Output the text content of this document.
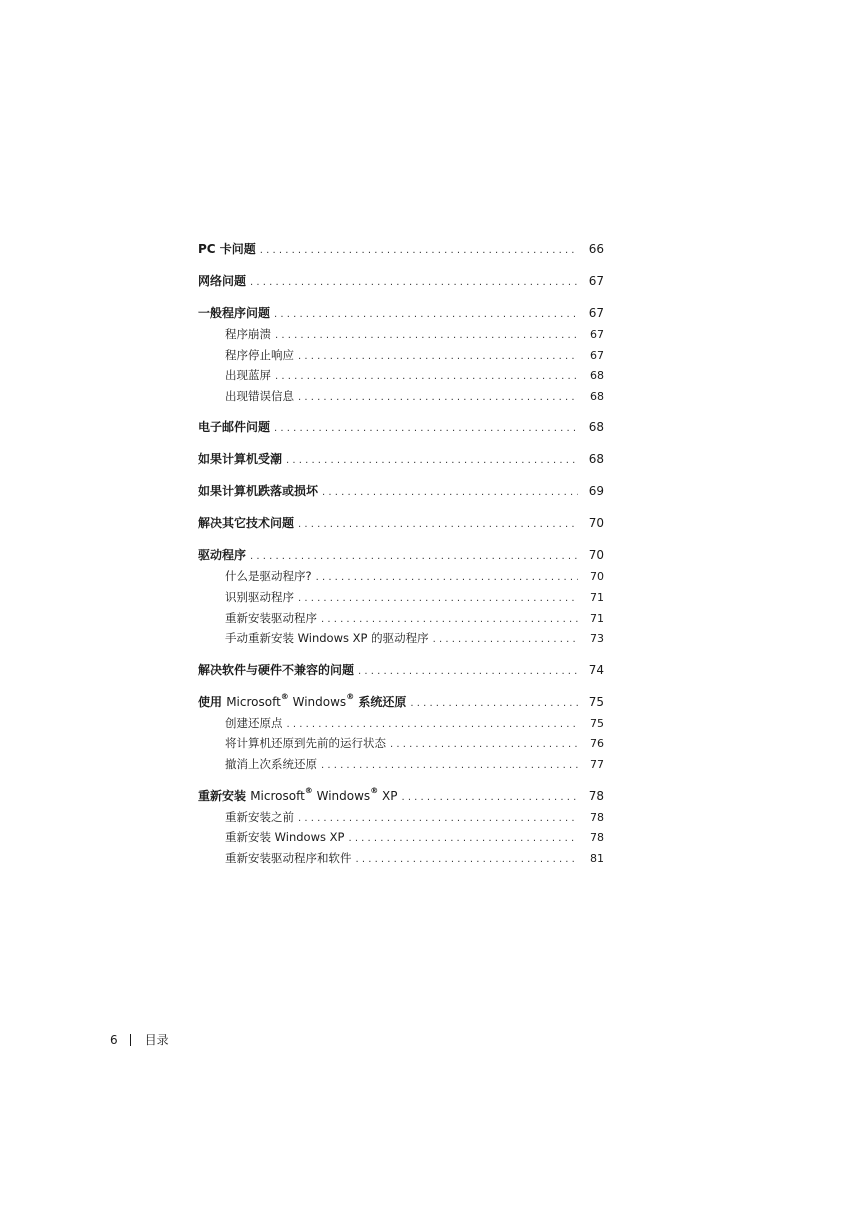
PC 卡问题 . . .	66
网络问题 . . .	67
一般程序问题 . . .	67
程序崩溃 . . .	67
程序停止响应 . . .	67
出现蓝屏 . . .	68
出现错误信息 . . .	68
电子邮件问题 . . .	68
如果计算机受潮 . . .	68
如果计算机跌落或损坏 . . .	69
解决其它技术问题 . . .	70
驱动程序 . . .	70
什么是驱动程序? . . .	70
识别驱动程序 . . .	71
重新安装驱动程序 . . .	71
手动重新安装 Windows XP 的驱动程序 . . .	73
解决软件与硬件不兼容的问题 . . .	74
使用 Microsoft® Windows® 系统还原 . . .	75
创建还原点 . . .	75
将计算机还原到先前的运行状态 . . .	76
撤消上次系统还原 . . .	77
重新安装 Microsoft® Windows® XP . . .	78
重新安装之前 . . .	78
重新安装 Windows XP . . .	78
重新安装驱动程序和软件 . . .	81
6 目录
